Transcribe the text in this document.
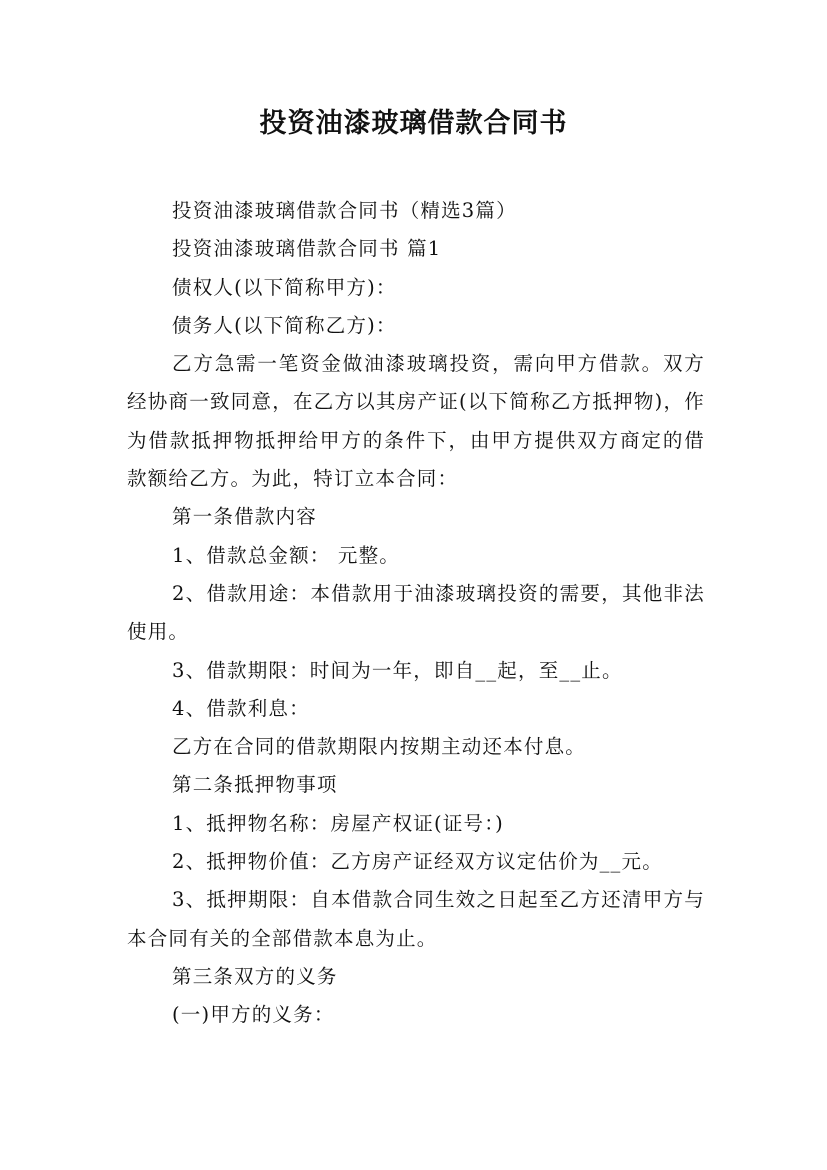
投资油漆玻璃借款合同书

投资油漆玻璃借款合同书（精选3篇）

投资油漆玻璃借款合同书 篇1

债权人(以下简称甲方)：

债务人(以下简称乙方)：

乙方急需一笔资金做油漆玻璃投资，需向甲方借款。双方经协商一致同意，在乙方以其房产证(以下简称乙方抵押物)，作为借款抵押物抵押给甲方的条件下，由甲方提供双方商定的借款额给乙方。为此，特订立本合同：

第一条借款内容

1、借款总金额： 元整。

2、借款用途：本借款用于油漆玻璃投资的需要，其他非法使用。

3、借款期限：时间为一年，即自__起，至__止。

4、借款利息：

乙方在合同的借款期限内按期主动还本付息。

第二条抵押物事项

1、抵押物名称：房屋产权证(证号：)

2、抵押物价值：乙方房产证经双方议定估价为__元。

3、抵押期限：自本借款合同生效之日起至乙方还清甲方与本合同有关的全部借款本息为止。

第三条双方的义务

(一)甲方的义务：
